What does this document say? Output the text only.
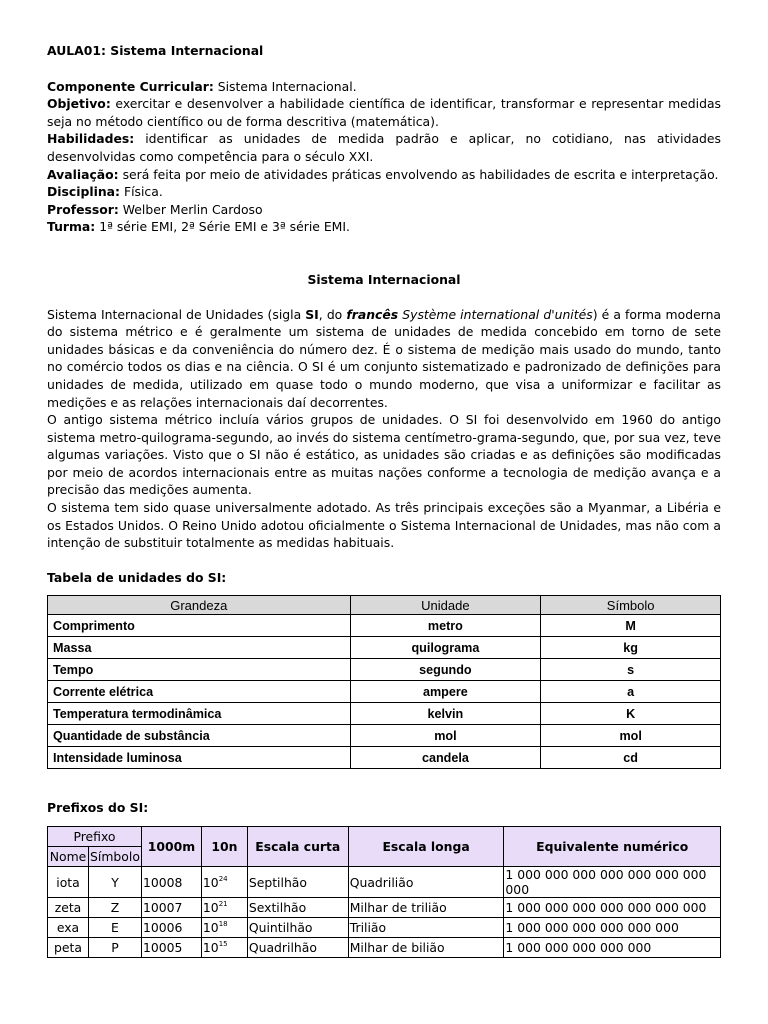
AULA01: Sistema Internacional

Componente Curricular: Sistema Internacional.

Objetivo: exercitar e desenvolver a habilidade científica de identificar, transformar e representar medidas seja no método científico ou de forma descritiva (matemática).

Habilidades: identificar as unidades de medida padrão e aplicar, no cotidiano, nas atividades desenvolvidas como competência para o século XXI.

Avaliação: será feita por meio de atividades práticas envolvendo as habilidades de escrita e interpretação.

Disciplina: Física.

Professor: Welber Merlin Cardoso

Turma: 1ª série EMI, 2ª Série EMI e 3ª série EMI.

Sistema Internacional

Sistema Internacional de Unidades (sigla SI, do francês Système international d'unités) é a forma moderna do sistema métrico e é geralmente um sistema de unidades de medida concebido em torno de sete unidades básicas e da conveniência do número dez. É o sistema de medição mais usado do mundo, tanto no comércio todos os dias e na ciência. O SI é um conjunto sistematizado e padronizado de definições para unidades de medida, utilizado em quase todo o mundo moderno, que visa a uniformizar e facilitar as medições e as relações internacionais daí decorrentes.

O antigo sistema métrico incluía vários grupos de unidades. O SI foi desenvolvido em 1960 do antigo sistema metro-quilograma-segundo, ao invés do sistema centímetro-grama-segundo, que, por sua vez, teve algumas variações. Visto que o SI não é estático, as unidades são criadas e as definições são modificadas por meio de acordos internacionais entre as muitas nações conforme a tecnologia de medição avança e a precisão das medições aumenta.

O sistema tem sido quase universalmente adotado. As três principais exceções são a Myanmar, a Libéria e os Estados Unidos. O Reino Unido adotou oficialmente o Sistema Internacional de Unidades, mas não com a intenção de substituir totalmente as medidas habituais.

Tabela de unidades do SI:

Grandeza	Unidade	Símbolo
Comprimento	metro	M
Massa	quilograma	kg
Tempo	segundo	s
Corrente elétrica	ampere	a
Temperatura termodinâmica	kelvin	K
Quantidade de substância	mol	mol
Intensidade luminosa	candela	cd

Prefixos do SI:

Prefixo		1000m	10n	Escala curta	Escala longa	Equivalente numérico
Nome	Símbolo					
iota	Y	10008	$10^{24}$	Septilhão	Quadrilião	1 000 000 000 000 000 000 000 000
zeta	Z	10007	$10^{21}$	Sextilhão	Milhar de trilião	1 000 000 000 000 000 000 000
exa	E	10006	$10^{18}$	Quintilhão	Trilião	1 000 000 000 000 000 000
peta	P	10005	$10^{15}$	Quadrilhão	Milhar de bilião	1 000 000 000 000 000
